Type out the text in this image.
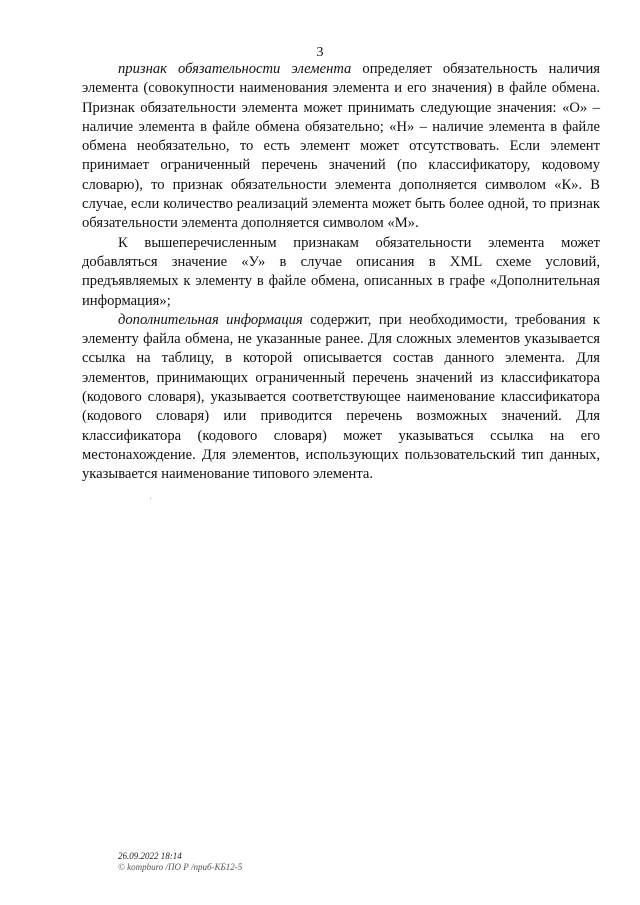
3

признак обязательности элемента определяет обязательность наличия элемента (совокупности наименования элемента и его значения) в файле обмена. Признак обязательности элемента может принимать следующие значения: «О» – наличие элемента в файле обмена обязательно; «Н» – наличие элемента в файле обмена необязательно, то есть элемент может отсутствовать. Если элемент принимает ограниченный перечень значений (по классификатору, кодовому словарю), то признак обязательности элемента дополняется символом «К». В случае, если количество реализаций элемента может быть более одной, то признак обязательности элемента дополняется символом «М».

К вышеперечисленным признакам обязательности элемента может добавляться значение «У» в случае описания в XML схеме условий, предъявляемых к элементу в файле обмена, описанных в графе «Дополнительная информация»;

дополнительная информация содержит, при необходимости, требования к элементу файла обмена, не указанные ранее. Для сложных элементов указывается ссылка на таблицу, в которой описывается состав данного элемента. Для элементов, принимающих ограниченный перечень значений из классификатора (кодового словаря), указывается соответствующее наименование классификатора (кодового словаря) или приводится перечень возможных значений. Для классификатора (кодового словаря) может указываться ссылка на его местонахождение. Для элементов, использующих пользовательский тип данных, указывается наименование типового элемента.

26.09.2022 18:14
© kompburo /ПО Р /приб-КБ12-5
